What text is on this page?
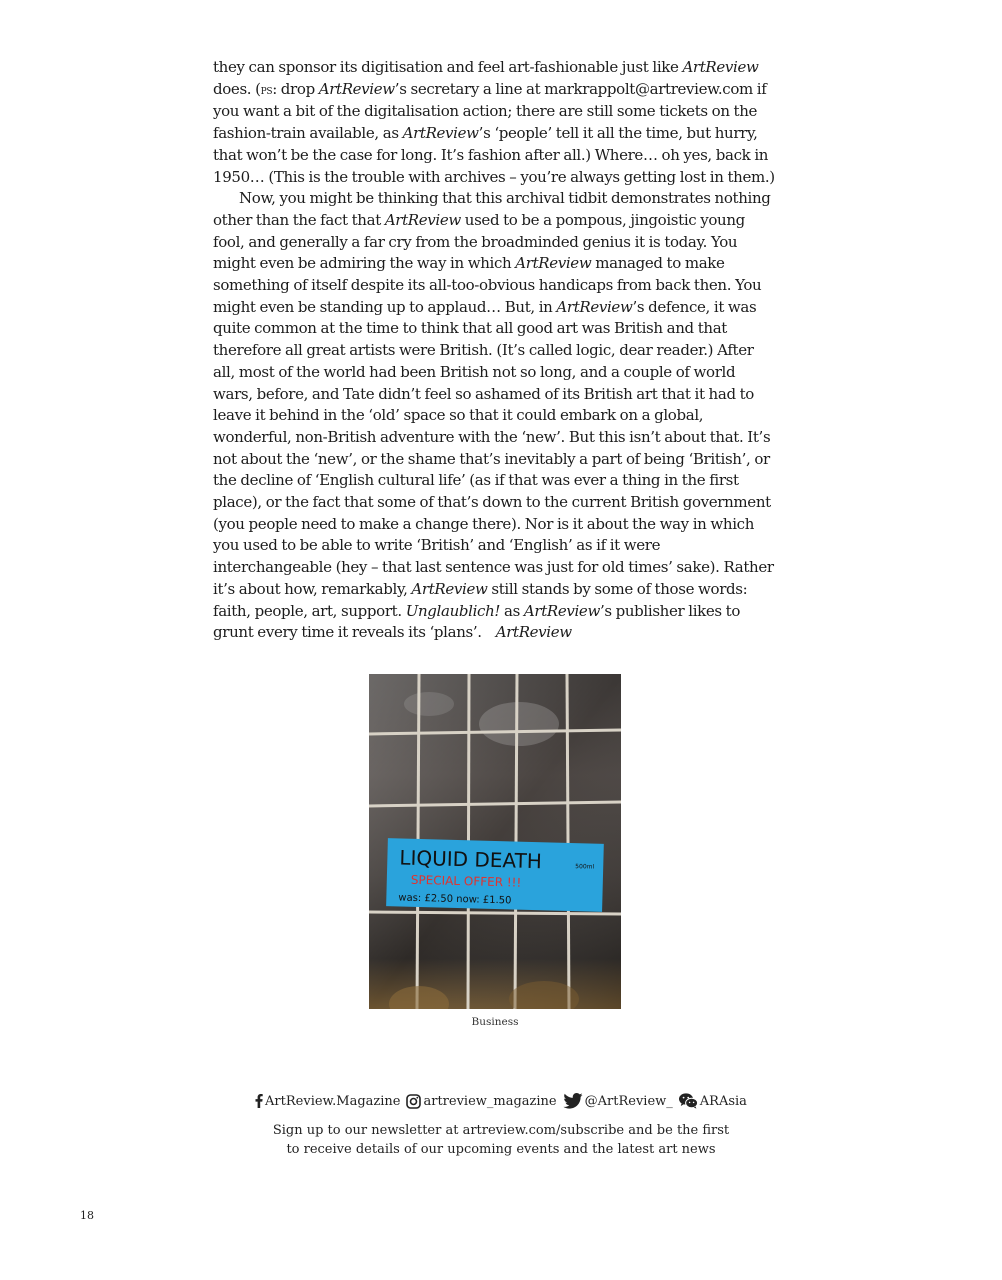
they can sponsor its digitisation and feel art-fashionable just like ArtReview does. (ps: drop ArtReview’s secretary a line at markrappolt@artreview.com if you want a bit of the digitalisation action; there are still some tickets on the fashion-train available, as ArtReview’s ‘people’ tell it all the time, but hurry, that won’t be the case for long. It’s fashion after all.) Where… oh yes, back in 1950… (This is the trouble with archives – you’re always getting lost in them.)

Now, you might be thinking that this archival tidbit demonstrates nothing other than the fact that ArtReview used to be a pompous, jingoistic young fool, and generally a far cry from the broadminded genius it is today. You might even be admiring the way in which ArtReview managed to make something of itself despite its all-too-obvious handicaps from back then. You might even be standing up to applaud… But, in ArtReview’s defence, it was quite common at the time to think that all good art was British and that therefore all great artists were British. (It’s called logic, dear reader.) After all, most of the world had been British not so long, and a couple of world wars, before, and Tate didn’t feel so ashamed of its British art that it had to leave it behind in the ‘old’ space so that it could embark on a global, wonderful, non-British adventure with the ‘new’. But this isn’t about that. It’s not about the ‘new’, or the shame that’s inevitably a part of being ‘British’, or the decline of ‘English cultural life’ (as if that was ever a thing in the first place), or the fact that some of that’s down to the current British government (you people need to make a change there). Nor is it about the way in which you used to be able to write ‘British’ and ‘English’ as if it were interchangeable (hey – that last sentence was just for old times’ sake). Rather it’s about how, remarkably, ArtReview still stands by some of those words: faith, people, art, support. Unglaublich! as ArtReview’s publisher likes to grunt every time it reveals its ‘plans’. ArtReview

LIQUID DEATH	500ml
SPECIAL OFFER !!!
was: £2.50 now: £1.50
Business
ArtReview.Magazine artreview_magazine @ArtReview_ ARAsia
Sign up to our newsletter at artreview.com/subscribe and be the first
to receive details of our upcoming events and the latest art news
18
